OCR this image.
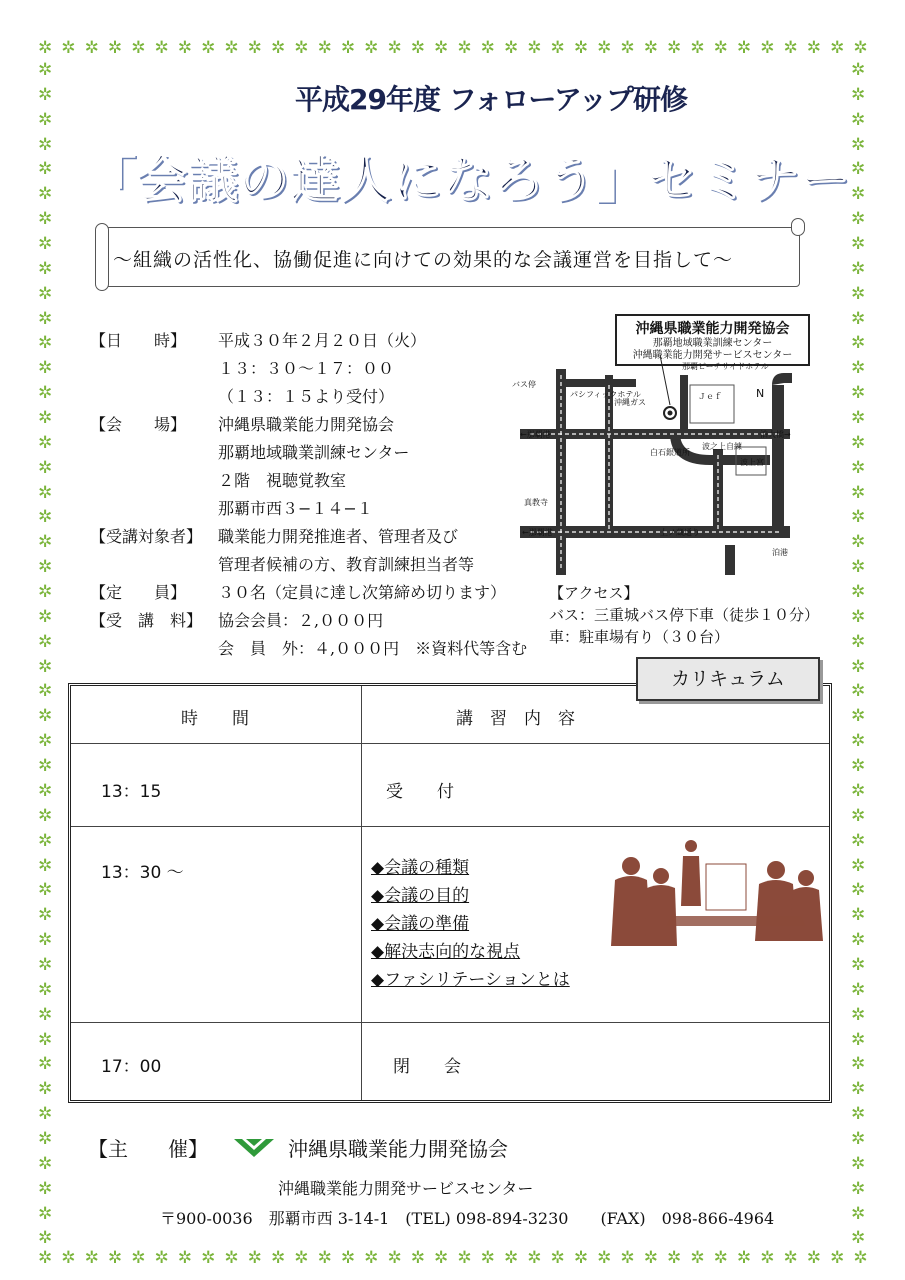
✲ ✲ ✲ ✲ ✲ ✲ ✲ ✲ ✲ ✲ ✲ ✲ ✲ ✲ ✲ ✲ ✲ ✲ ✲ ✲ ✲ ✲ ✲ ✲ ✲ ✲ ✲ ✲ ✲ ✲ ✲ ✲ ✲ ✲ ✲ ✲
✲ ✲ ✲ ✲ ✲ ✲ ✲ ✲ ✲ ✲ ✲ ✲ ✲ ✲ ✲ ✲ ✲ ✲ ✲ ✲ ✲ ✲ ✲ ✲ ✲ ✲ ✲ ✲ ✲ ✲ ✲ ✲ ✲ ✲ ✲ ✲
✲
✲
✲
✲
✲
✲
✲
✲
✲
✲
✲
✲
✲
✲
✲
✲
✲
✲
✲
✲
✲
✲
✲
✲
✲
✲
✲
✲
✲
✲
✲
✲
✲
✲
✲
✲
✲
✲
✲
✲
✲
✲
✲
✲
✲
✲
✲
✲
✲
✲
✲
✲
✲
✲
✲
✲
✲
✲
✲
✲
✲
✲
✲
✲
✲
✲
✲
✲
✲
✲
✲
✲
✲
✲
✲
✲
✲
✲
✲
✲
✲
✲
✲
✲
✲
✲
✲
✲
✲
✲
✲
✲
✲
✲
✲
✲
平成29年度 フォローアップ研修
「会議の達人になろう」セミナー
～組織の活性化、協働促進に向けての効果的な会議運営を目指して～
【日　　時】	平成３０年２月２０日（火）
１３：３０～１７：００
（１３：１５より受付）
【会　　場】	沖縄県職業能力開発協会
那覇地域職業訓練センター
２階　視聴覚教室
那覇市西３−１４−１
【受講対象者】 職業能力開発推進者、管理者及び
管理者候補の方、教育訓練担当者等
【定　　員】	３０名（定員に達し次第締め切ります）
【受　講　料】 協会会員：２,０００円
会　員　外：４,０００円　※資料代等含む
沖縄県職業能力開発協会
那覇地域職業訓練センター
沖縄職業能力開発サービスセンター
←那覇港
←那覇港
泊大橋→
泊港
上ノ蔵通り
波上宮
沖縄ガス
Ｊｅｆ
白石銀道所
那覇ビーチサイドホテル
パシフィックホテル
バス停
真教寺
波之上自練
N
【アクセス】
バス：三重城バス停下車（徒歩１０分）
車：駐車場有り（３０台）
カリキュラム
時　　間	講　習　内　容
13：15	受　　付
13：30 ～	◆会議の種類
◆会議の目的
◆会議の準備
◆解決志向的な視点
◆ファシリテーションとは
17：00	閉　　会
【主　　催】	沖縄県職業能力開発協会
沖縄職業能力開発サービスセンター
〒900-0036　那覇市西 3-14-1　(TEL) 098-894-3230　　(FAX)　098-866-4964
